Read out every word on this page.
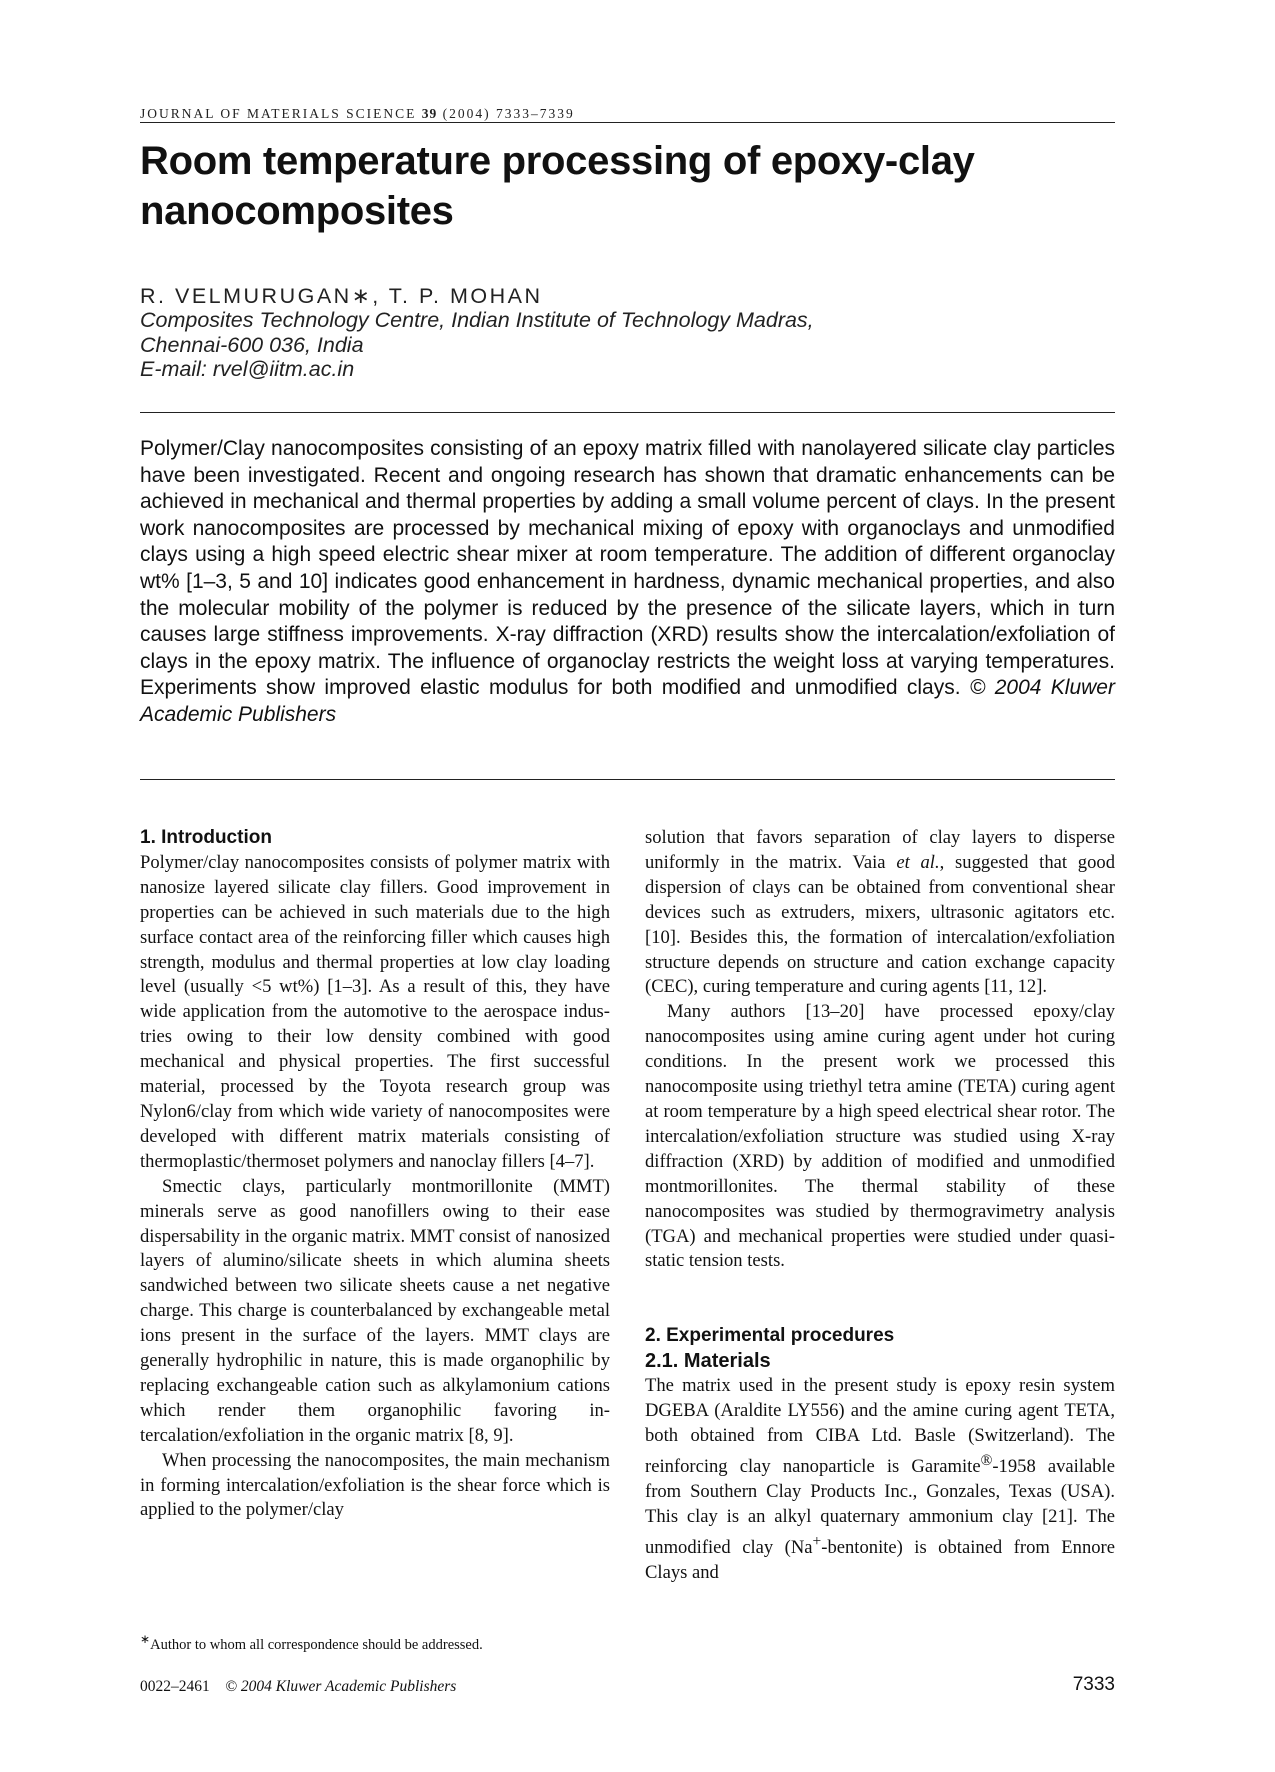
JOURNAL OF MATERIALS SCIENCE 39 (2004) 7333–7339
Room temperature processing of epoxy-clay nanocomposites
R. VELMURUGAN∗, T. P. MOHAN
Composites Technology Centre, Indian Institute of Technology Madras,
Chennai-600 036, India
E-mail: rvel@iitm.ac.in
Polymer/Clay nanocomposites consisting of an epoxy matrix filled with nanolayered silicate clay particles have been investigated. Recent and ongoing research has shown that dramatic enhancements can be achieved in mechanical and thermal properties by adding a small volume percent of clays. In the present work nanocomposites are processed by mechanical mixing of epoxy with organoclays and unmodified clays using a high speed electric shear mixer at room temperature. The addition of different organoclay wt% [1–3, 5 and 10] indicates good enhancement in hardness, dynamic mechanical properties, and also the molecular mobility of the polymer is reduced by the presence of the silicate layers, which in turn causes large stiffness improvements. X-ray diffraction (XRD) results show the intercalation/exfoliation of clays in the epoxy matrix. The influence of organoclay restricts the weight loss at varying temperatures. Experiments show improved elastic modulus for both modified and unmodified clays. © 2004 Kluwer Academic Publishers
1. Introduction

Polymer/clay nanocomposites consists of polymer matrix with nanosize layered silicate clay fillers. Good improvement in properties can be achieved in such materials due to the high surface contact area of the reinforcing filler which causes high strength, modulus and thermal properties at low clay loading level (usually <5 wt%) [1–3]. As a result of this, they have wide application from the automotive to the aerospace industries owing to their low density combined with good mechanical and physical properties. The first successful material, processed by the Toyota research group was Nylon6/clay from which wide variety of nanocomposites were developed with different matrix materials consisting of thermoplastic/thermoset polymers and nanoclay fillers [4–7].

Smectic clays, particularly montmorillonite (MMT) minerals serve as good nanofillers owing to their ease dispersability in the organic matrix. MMT consist of nanosized layers of alumino/silicate sheets in which alumina sheets sandwiched between two silicate sheets cause a net negative charge. This charge is counterbalanced by exchangeable metal ions present in the surface of the layers. MMT clays are generally hydrophilic in nature, this is made organophilic by replacing exchangeable cation such as alkylamonium cations which render them organophilic favoring intercalation/exfoliation in the organic matrix [8, 9].

When processing the nanocomposites, the main mechanism in forming intercalation/exfoliation is the shear force which is applied to the polymer/clay

solution that favors separation of clay layers to disperse uniformly in the matrix. Vaia et al., suggested that good dispersion of clays can be obtained from conventional shear devices such as extruders, mixers, ultrasonic agitators etc. [10]. Besides this, the formation of intercalation/exfoliation structure depends on structure and cation exchange capacity (CEC), curing temperature and curing agents [11, 12].

Many authors [13–20] have processed epoxy/clay nanocomposites using amine curing agent under hot curing conditions. In the present work we processed this nanocomposite using triethyl tetra amine (TETA) curing agent at room temperature by a high speed electrical shear rotor. The intercalation/exfoliation structure was studied using X-ray diffraction (XRD) by addition of modified and unmodified montmorillonites. The thermal stability of these nanocomposites was studied by thermogravimetry analysis (TGA) and mechanical properties were studied under quasi- static tension tests.

2. Experimental procedures
2.1. Materials

The matrix used in the present study is epoxy resin system DGEBA (Araldite LY556) and the amine curing agent TETA, both obtained from CIBA Ltd. Basle (Switzerland). The reinforcing clay nanoparticle is Garamite®-1958 available from Southern Clay Products Inc., Gonzales, Texas (USA). This clay is an alkyl quaternary ammonium clay [21]. The unmodified clay (Na+-bentonite) is obtained from Ennore Clays and

∗Author to whom all correspondence should be addressed.
0022–2461 © 2004 Kluwer Academic Publishers	7333
